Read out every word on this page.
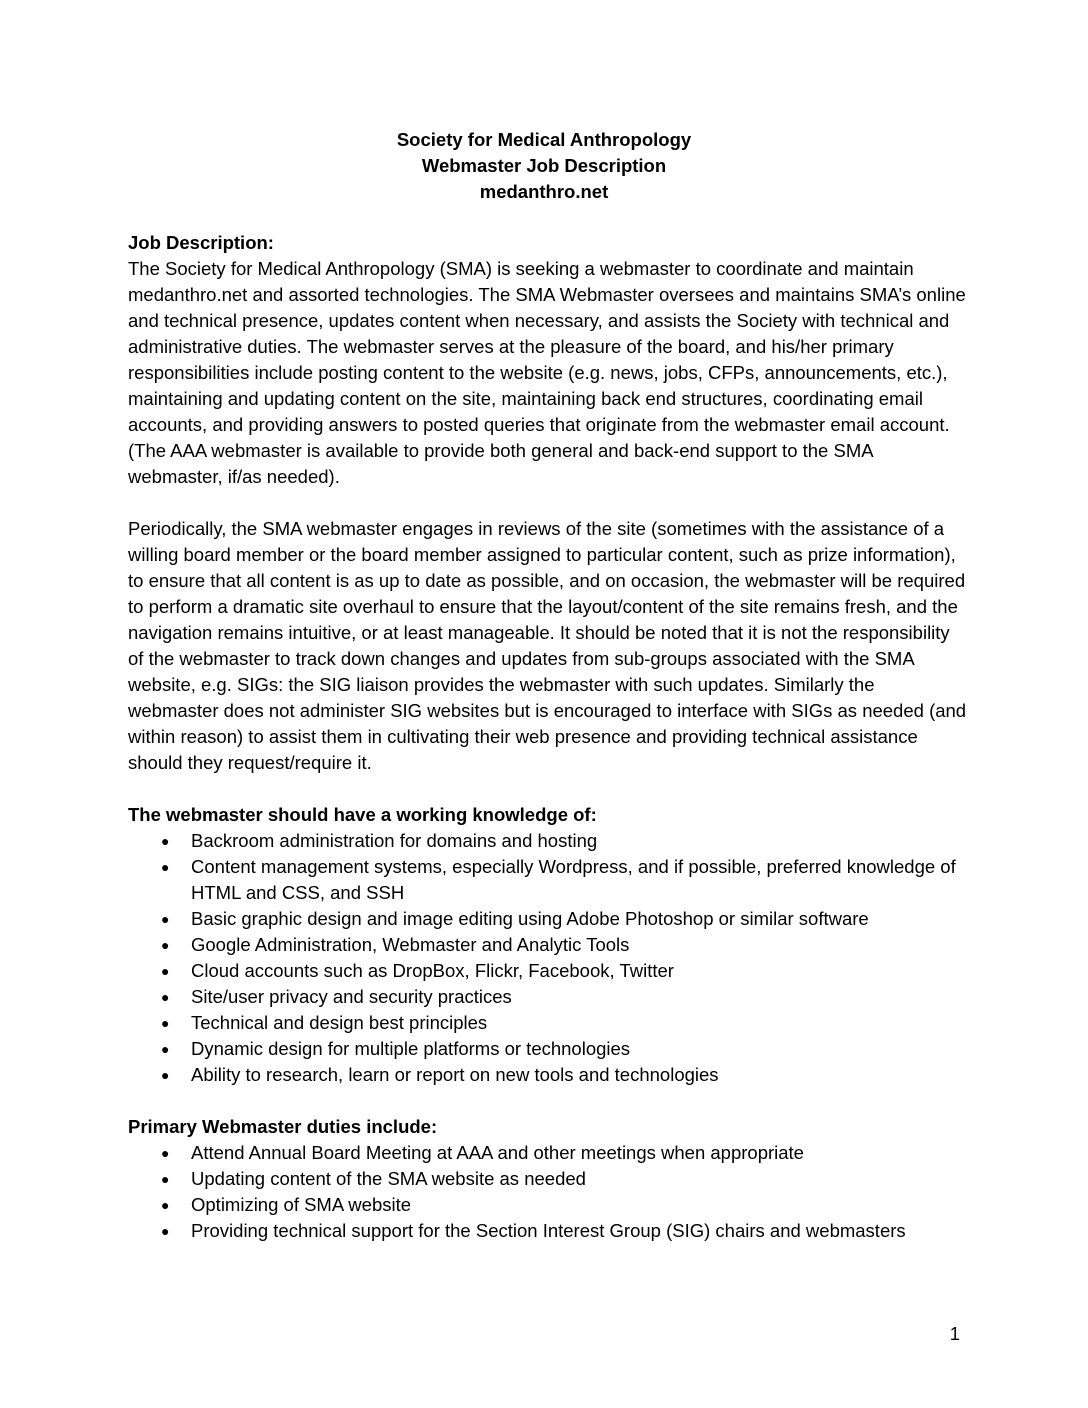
Society for Medical Anthropology
Webmaster Job Description
medanthro.net

Job Description:

The Society for Medical Anthropology (SMA) is seeking a webmaster to coordinate and maintain medanthro.net and assorted technologies. The SMA Webmaster oversees and maintains SMA’s online and technical presence, updates content when necessary, and assists the Society with technical and administrative duties. The webmaster serves at the pleasure of the board, and his/her primary responsibilities include posting content to the website (e.g. news, jobs, CFPs, announcements, etc.), maintaining and updating content on the site, maintaining back end structures, coordinating email accounts, and providing answers to posted queries that originate from the webmaster email account. (The AAA webmaster is available to provide both general and back-end support to the SMA webmaster, if/as needed).

Periodically, the SMA webmaster engages in reviews of the site (sometimes with the assistance of a willing board member or the board member assigned to particular content, such as prize information), to ensure that all content is as up to date as possible, and on occasion, the webmaster will be required to perform a dramatic site overhaul to ensure that the layout/content of the site remains fresh, and the navigation remains intuitive, or at least manageable. It should be noted that it is not the responsibility of the webmaster to track down changes and updates from sub-groups associated with the SMA website, e.g. SIGs: the SIG liaison provides the webmaster with such updates. Similarly the webmaster does not administer SIG websites but is encouraged to interface with SIGs as needed (and within reason) to assist them in cultivating their web presence and providing technical assistance should they request/require it.

The webmaster should have a working knowledge of:

● Backroom administration for domains and hosting
● Content management systems, especially Wordpress, and if possible, preferred knowledge of HTML and CSS, and SSH
● Basic graphic design and image editing using Adobe Photoshop or similar software
● Google Administration, Webmaster and Analytic Tools
● Cloud accounts such as DropBox, Flickr, Facebook, Twitter
● Site/user privacy and security practices
● Technical and design best principles
● Dynamic design for multiple platforms or technologies
● Ability to research, learn or report on new tools and technologies

Primary Webmaster duties include:

● Attend Annual Board Meeting at AAA and other meetings when appropriate
● Updating content of the SMA website as needed
● Optimizing of SMA website
● Providing technical support for the Section Interest Group (SIG) chairs and webmasters
1
